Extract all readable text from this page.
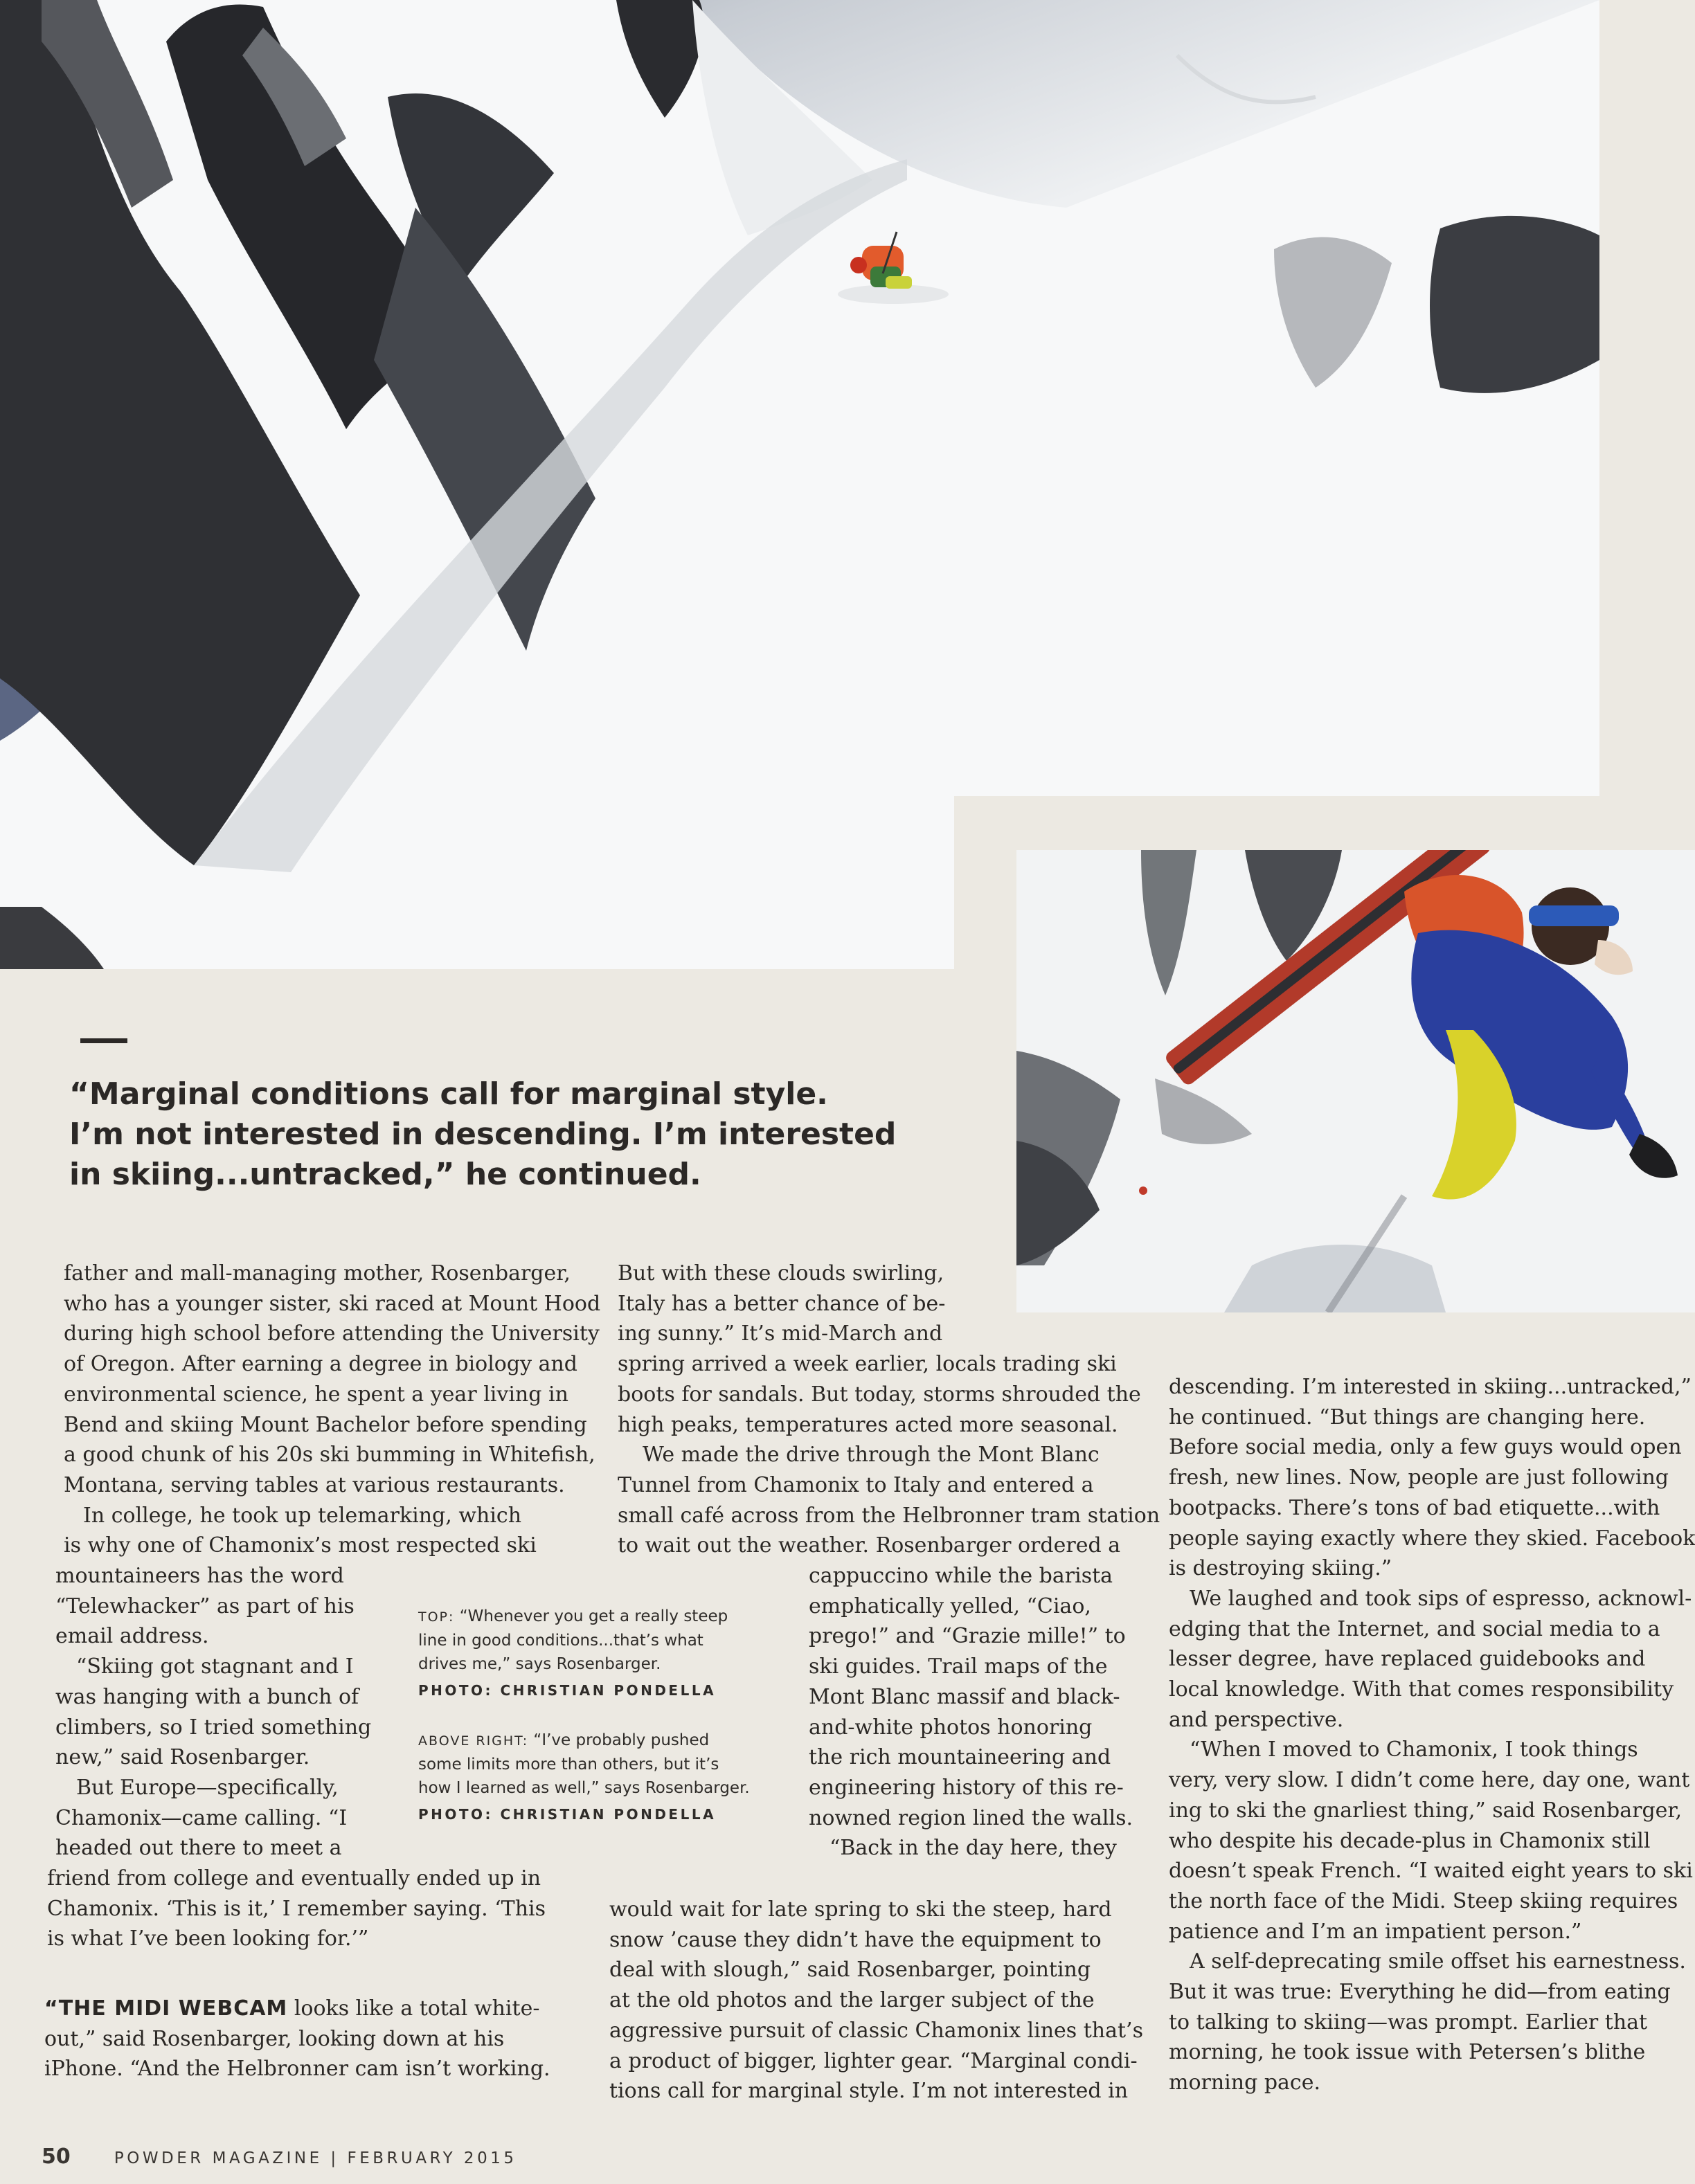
“Marginal conditions call for marginal style.
I’m not interested in descending. I’m interested
in skiing...untracked,” he continued.

father and mall-managing mother, Rosenbarger,

who has a younger sister, ski raced at Mount Hood

during high school before attending the University

of Oregon. After earning a degree in biology and

environmental science, he spent a year living in

Bend and skiing Mount Bachelor before spending

a good chunk of his 20s ski bumming in Whitefish,

Montana, serving tables at various restaurants.

In college, he took up telemarking, which

is why one of Chamonix’s most respected ski

mountaineers has the word

“Telewhacker” as part of his

email address.

“Skiing got stagnant and I

was hanging with a bunch of

climbers, so I tried something

new,” said Rosenbarger.

But Europe—specifically,

Chamonix—came calling. “I

headed out there to meet a

friend from college and eventually ended up in

Chamonix. ‘This is it,’ I remember saying. ‘This

is what I’ve been looking for.’”

“THE MIDI WEBCAM looks like a total white-

out,” said Rosenbarger, looking down at his

iPhone. “And the Helbronner cam isn’t working.

But with these clouds swirling,

Italy has a better chance of be-

ing sunny.” It’s mid-March and

spring arrived a week earlier, locals trading ski

boots for sandals. But today, storms shrouded the

high peaks, temperatures acted more seasonal.

We made the drive through the Mont Blanc

Tunnel from Chamonix to Italy and entered a

small café across from the Helbronner tram station

to wait out the weather. Rosenbarger ordered a

cappuccino while the barista

emphatically yelled, “Ciao,

prego!” and “Grazie mille!” to

ski guides. Trail maps of the

Mont Blanc massif and black-

and-white photos honoring

the rich mountaineering and

engineering history of this re-

nowned region lined the walls.

“Back in the day here, they

would wait for late spring to ski the steep, hard

snow ’cause they didn’t have the equipment to

deal with slough,” said Rosenbarger, pointing

at the old photos and the larger subject of the

aggressive pursuit of classic Chamonix lines that’s

a product of bigger, lighter gear. “Marginal condi-

tions call for marginal style. I’m not interested in

TOP: “Whenever you get a really steep

line in good conditions...that’s what

drives me,” says Rosenbarger.

PHOTO: CHRISTIAN PONDELLA

ABOVE RIGHT: “I’ve probably pushed

some limits more than others, but it’s

how I learned as well,” says Rosenbarger.

PHOTO: CHRISTIAN PONDELLA

descending. I’m interested in skiing...untracked,”

he continued. “But things are changing here.

Before social media, only a few guys would open

fresh, new lines. Now, people are just following

bootpacks. There’s tons of bad etiquette...with

people saying exactly where they skied. Facebook

is destroying skiing.”

We laughed and took sips of espresso, acknowl-

edging that the Internet, and social media to a

lesser degree, have replaced guidebooks and

local knowledge. With that comes responsibility

and perspective.

“When I moved to Chamonix, I took things

very, very slow. I didn’t come here, day one, want

ing to ski the gnarliest thing,” said Rosenbarger,

who despite his decade-plus in Chamonix still

doesn’t speak French. “I waited eight years to ski

the north face of the Midi. Steep skiing requires

patience and I’m an impatient person.”

A self-deprecating smile offset his earnestness.

But it was true: Everything he did—from eating

to talking to skiing—was prompt. Earlier that

morning, he took issue with Petersen’s blithe

morning pace.

50	POWDER MAGAZINE | FEBRUARY 2015
